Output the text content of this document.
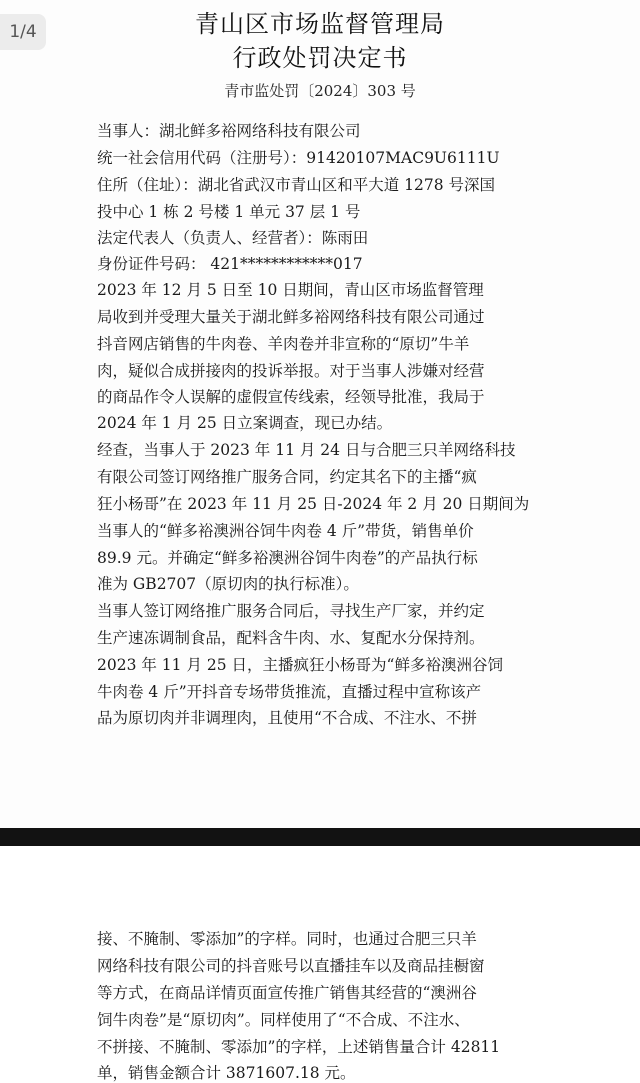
1/4	青山区市场监督管理局
行政处罚决定书
青市监处罚〔2024〕303 号
当事人：湖北鲜多裕网络科技有限公司
统一社会信用代码（注册号）：91420107MAC9U6111U
住所（住址）：湖北省武汉市青山区和平大道 1278 号深国
投中心 1 栋 2 号楼 1 单元 37 层 1 号
法定代表人（负责人、经营者）：陈雨田
身份证件号码： 421************017
2023 年 12 月 5 日至 10 日期间，青山区市场监督管理
局收到并受理大量关于湖北鲜多裕网络科技有限公司通过
抖音网店销售的牛肉卷、羊肉卷并非宣称的“原切”牛羊
肉，疑似合成拼接肉的投诉举报。对于当事人涉嫌对经营
的商品作令人误解的虚假宣传线索，经领导批准，我局于
2024 年 1 月 25 日立案调查，现已办结。
经查，当事人于 2023 年 11 月 24 日与合肥三只羊网络科技
有限公司签订网络推广服务合同，约定其名下的主播“疯
狂小杨哥”在 2023 年 11 月 25 日-2024 年 2 月 20 日期间为
当事人的“鲜多裕澳洲谷饲牛肉卷 4 斤”带货，销售单价
89.9 元。并确定“鲜多裕澳洲谷饲牛肉卷”的产品执行标
准为 GB2707（原切肉的执行标准）。
当事人签订网络推广服务合同后，寻找生产厂家，并约定
生产速冻调制食品，配料含牛肉、水、复配水分保持剂。
2023 年 11 月 25 日，主播疯狂小杨哥为“鲜多裕澳洲谷饲
牛肉卷 4 斤”开抖音专场带货推流，直播过程中宣称该产
品为原切肉并非调理肉，且使用“不合成、不注水、不拼
接、不腌制、零添加”的字样。同时，也通过合肥三只羊
网络科技有限公司的抖音账号以直播挂车以及商品挂橱窗
等方式，在商品详情页面宣传推广销售其经营的“澳洲谷
饲牛肉卷”是“原切肉”。同样使用了“不合成、不注水、
不拼接、不腌制、零添加”的字样，上述销售量合计 42811
单，销售金额合计 3871607.18 元。
